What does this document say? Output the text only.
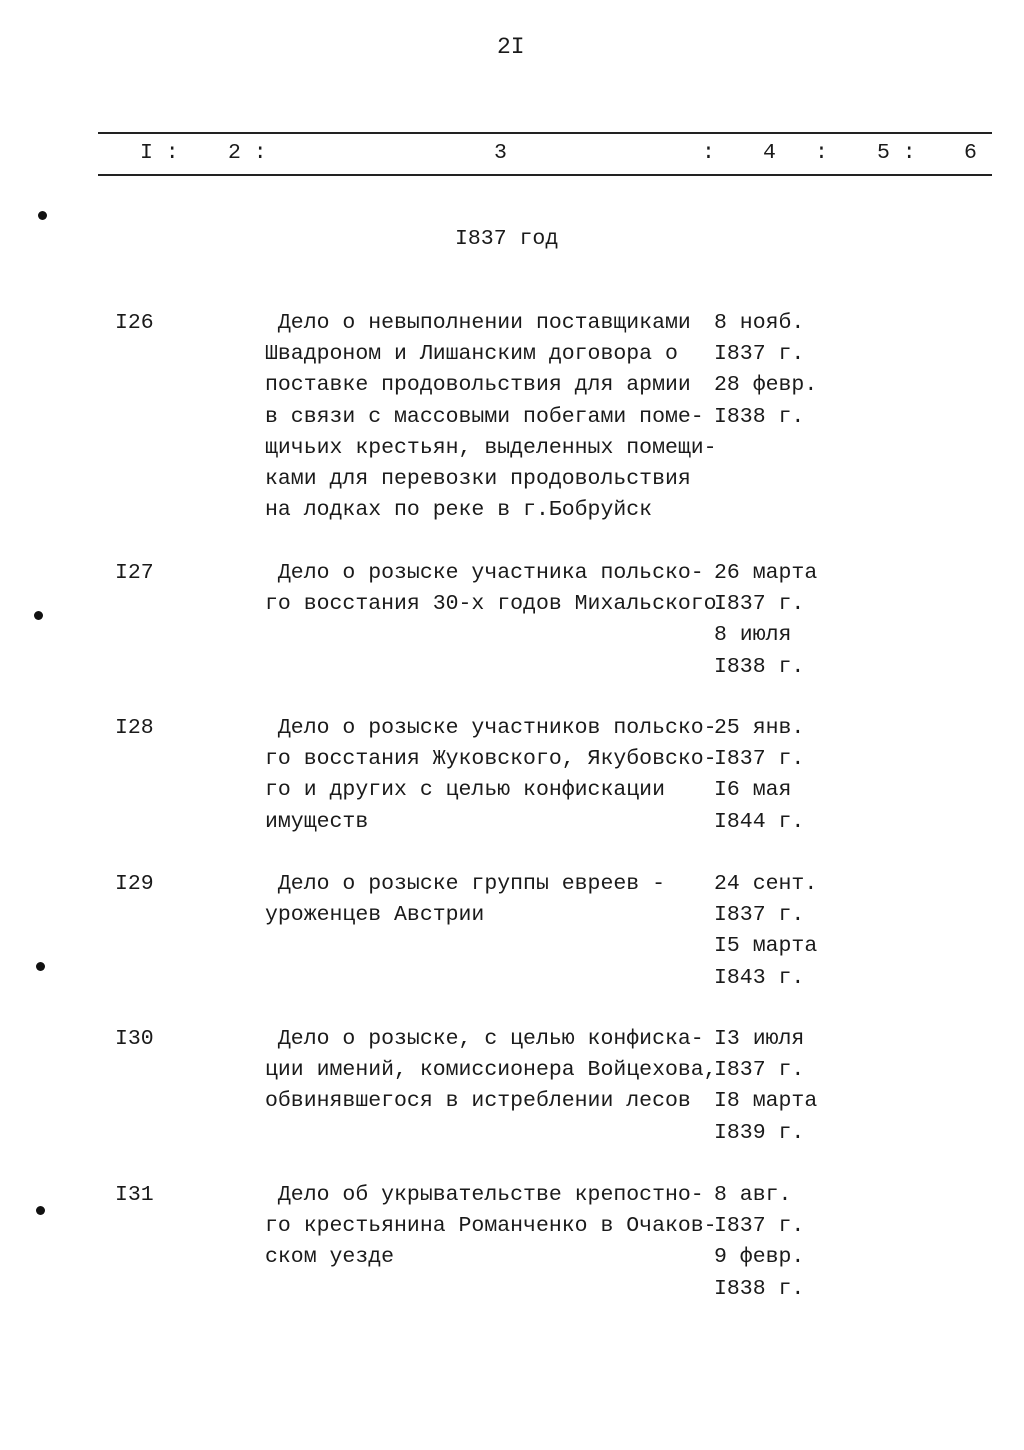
2I
I : 2 :	3	: 4 : 5 : 6
I837 год
I26	Дело о невыполнении поставщиками
Швадроном и Лишанским договора о
поставке продовольствия для армии
в связи с массовыми побегами поме-
щичьих крестьян, выделенных помещи-
ками для перевозки продовольствия
на лодках по реке в г.Бобруйск
8 нояб.
I837 г.
28 февр.
I838 г.
I27	Дело о розыске участника польско-
го восстания 30-х годов Михальского
26 марта
I837 г.
8 июля
I838 г.
I28	Дело о розыске участников польско-
го восстания Жуковского, Якубовско-
го и других с целью конфискации
имуществ
25 янв.
I837 г.
I6 мая
I844 г.
I29	Дело о розыске группы евреев -
уроженцев Австрии
24 сент.
I837 г.
I5 марта
I843 г.
I30	Дело о розыске, с целью конфиска-
ции имений, комиссионера Войцехова,
обвинявшегося в истреблении лесов
I3 июля
I837 г.
I8 марта
I839 г.
I31	Дело об укрывательстве крепостно-
го крестьянина Романченко в Очаков-
ском уезде
8 авг.
I837 г.
9 февр.
I838 г.
